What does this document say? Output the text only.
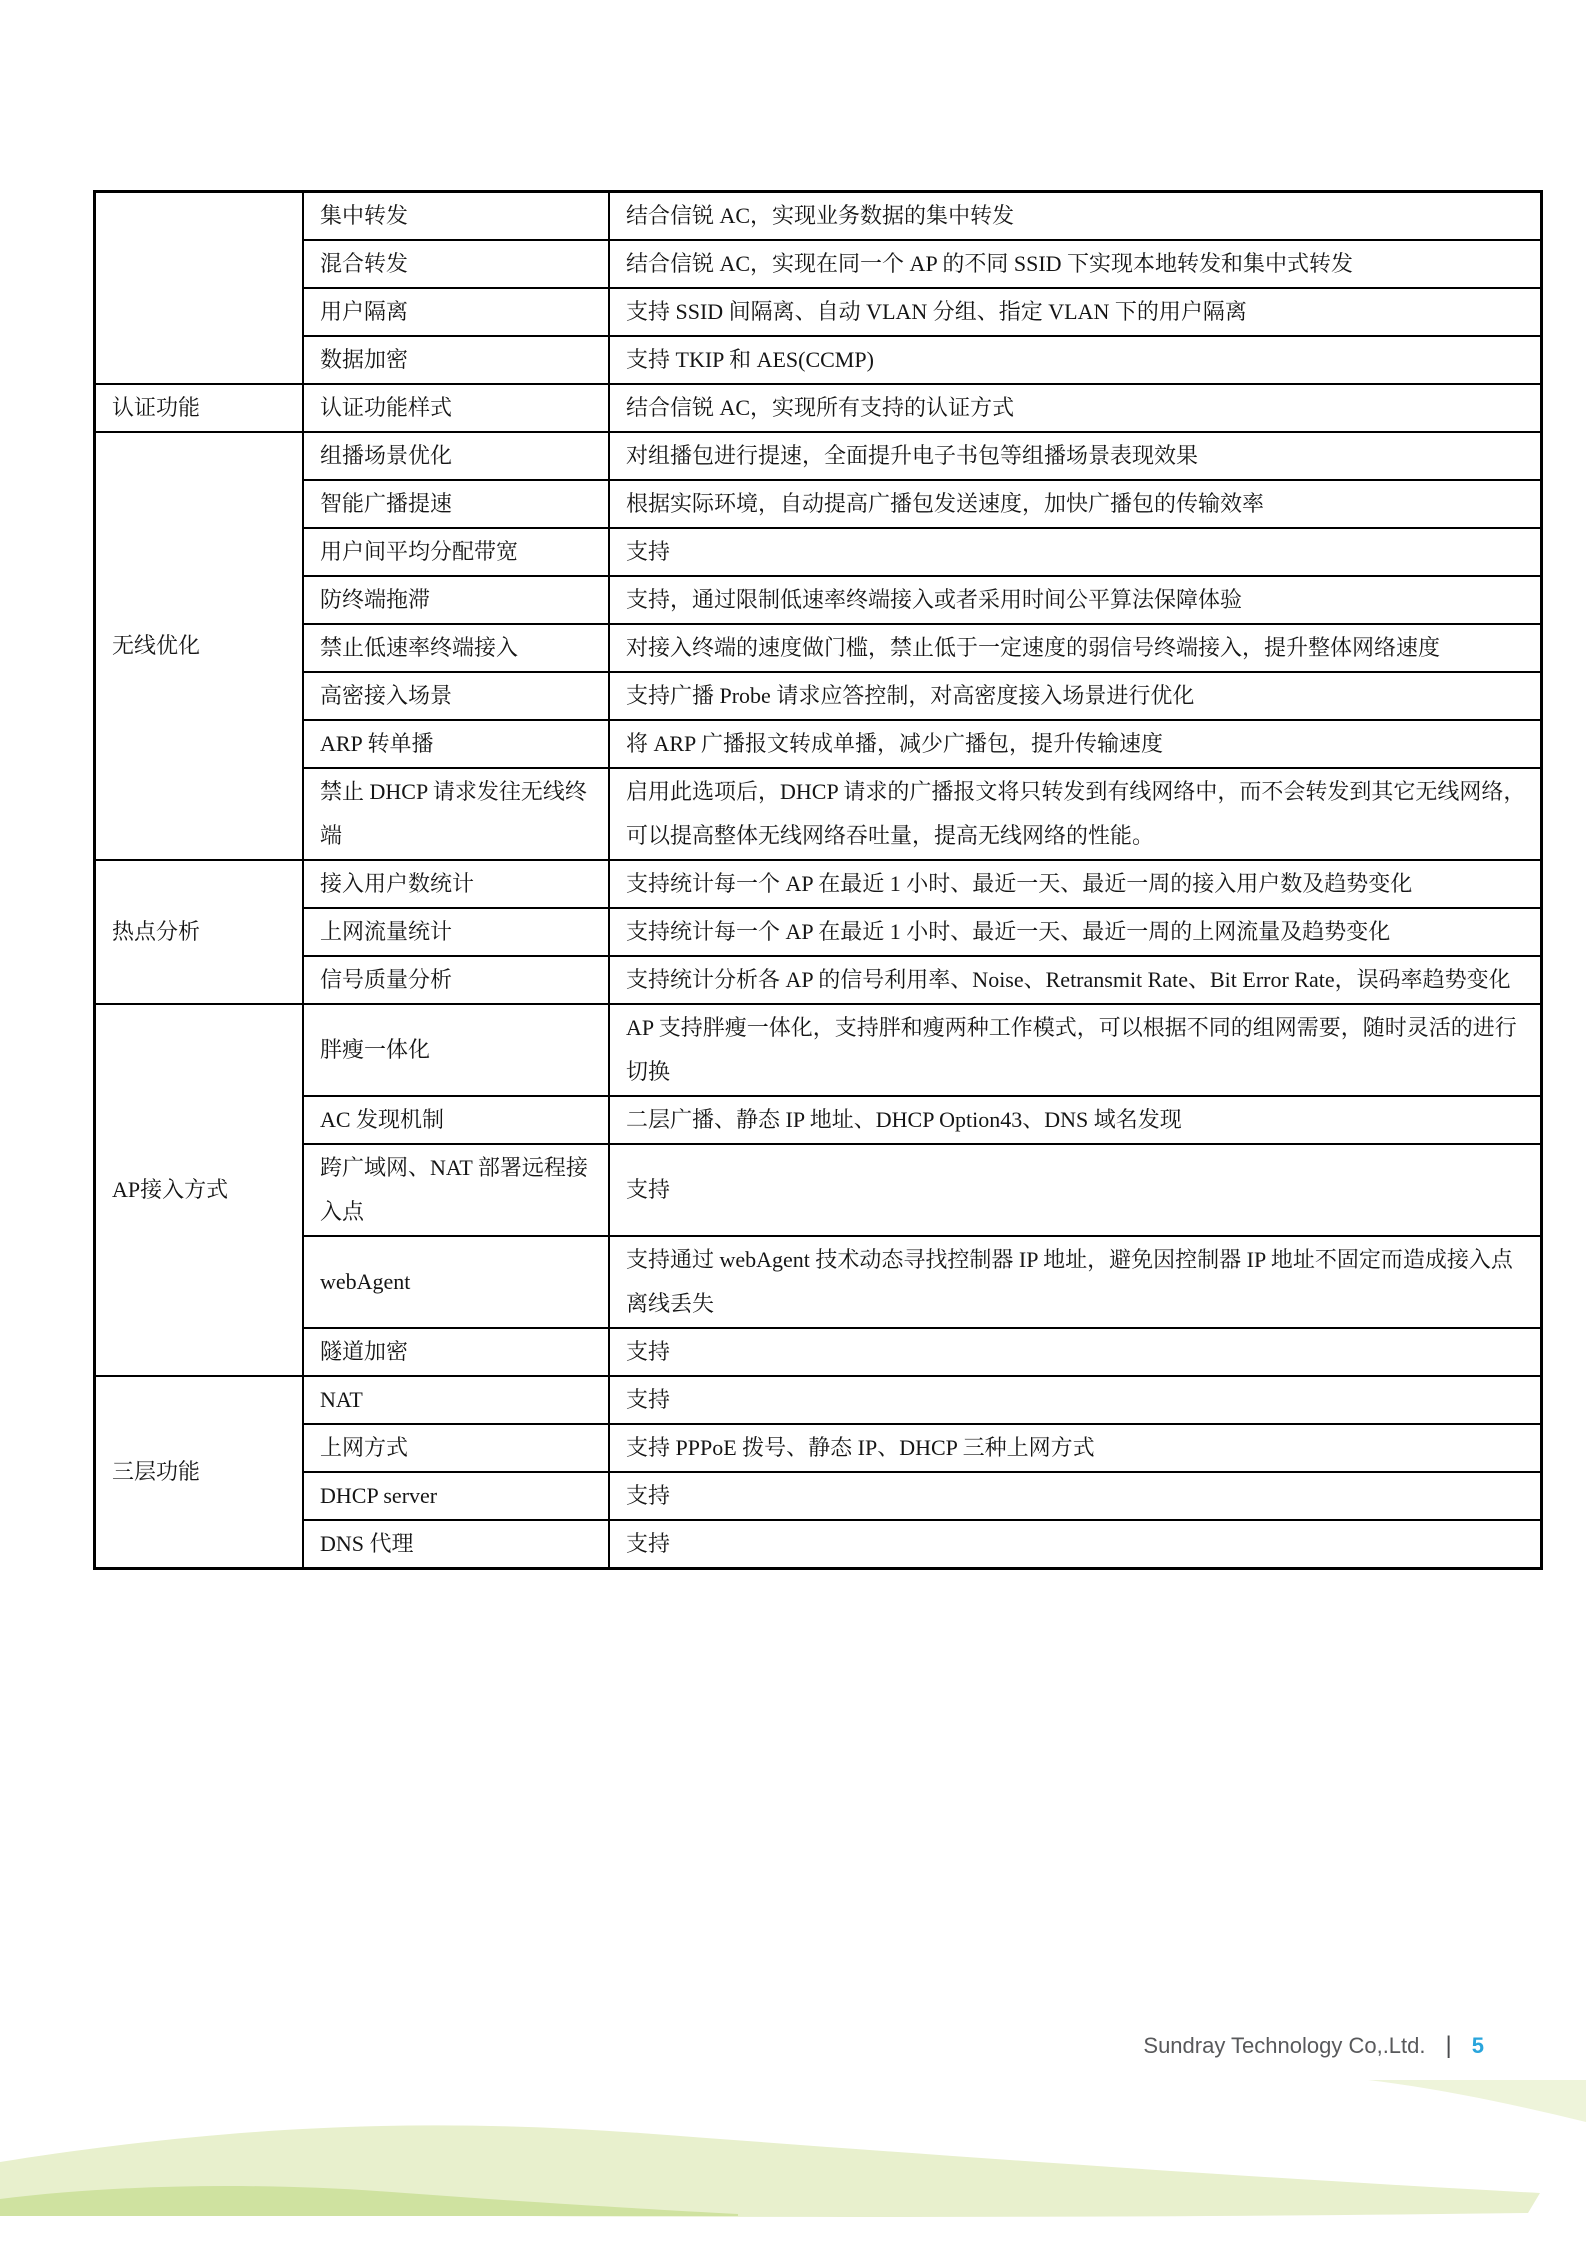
	集中转发	结合信锐 AC，实现业务数据的集中转发
	混合转发	结合信锐 AC，实现在同一个 AP 的不同 SSID 下实现本地转发和集中式转发
	用户隔离	支持 SSID 间隔离、自动 VLAN 分组、指定 VLAN 下的用户隔离
	数据加密	支持 TKIP 和 AES(CCMP)
认证功能	认证功能样式	结合信锐 AC，实现所有支持的认证方式
无线优化	组播场景优化	对组播包进行提速，全面提升电子书包等组播场景表现效果
	智能广播提速	根据实际环境，自动提高广播包发送速度，加快广播包的传输效率
	用户间平均分配带宽	支持
	防终端拖滞	支持，通过限制低速率终端接入或者采用时间公平算法保障体验
	禁止低速率终端接入	对接入终端的速度做门槛，禁止低于一定速度的弱信号终端接入，提升整体网络速度
	高密接入场景	支持广播 Probe 请求应答控制，对高密度接入场景进行优化
	ARP 转单播	将 ARP 广播报文转成单播，减少广播包，提升传输速度
	禁止 DHCP 请求发往无线终端	启用此选项后，DHCP 请求的广播报文将只转发到有线网络中，而不会转发到其它无线网络，可以提高整体无线网络吞吐量，提高无线网络的性能。
热点分析	接入用户数统计	支持统计每一个 AP 在最近 1 小时、最近一天、最近一周的接入用户数及趋势变化
	上网流量统计	支持统计每一个 AP 在最近 1 小时、最近一天、最近一周的上网流量及趋势变化
	信号质量分析	支持统计分析各 AP 的信号利用率、Noise、Retransmit Rate、Bit Error Rate，误码率趋势变化
AP接入方式	胖瘦一体化	AP 支持胖瘦一体化，支持胖和瘦两种工作模式，可以根据不同的组网需要，随时灵活的进行切换
	AC 发现机制	二层广播、静态 IP 地址、DHCP Option43、DNS 域名发现
	跨广域网、NAT 部署远程接入点	支持
	webAgent	支持通过 webAgent 技术动态寻找控制器 IP 地址，避免因控制器 IP 地址不固定而造成接入点离线丢失
	隧道加密	支持
三层功能	NAT	支持
	上网方式	支持 PPPoE 拨号、静态 IP、DHCP 三种上网方式
	DHCP server	支持
	DNS 代理	支持
Sundray Technology Co,.Ltd. | 5
